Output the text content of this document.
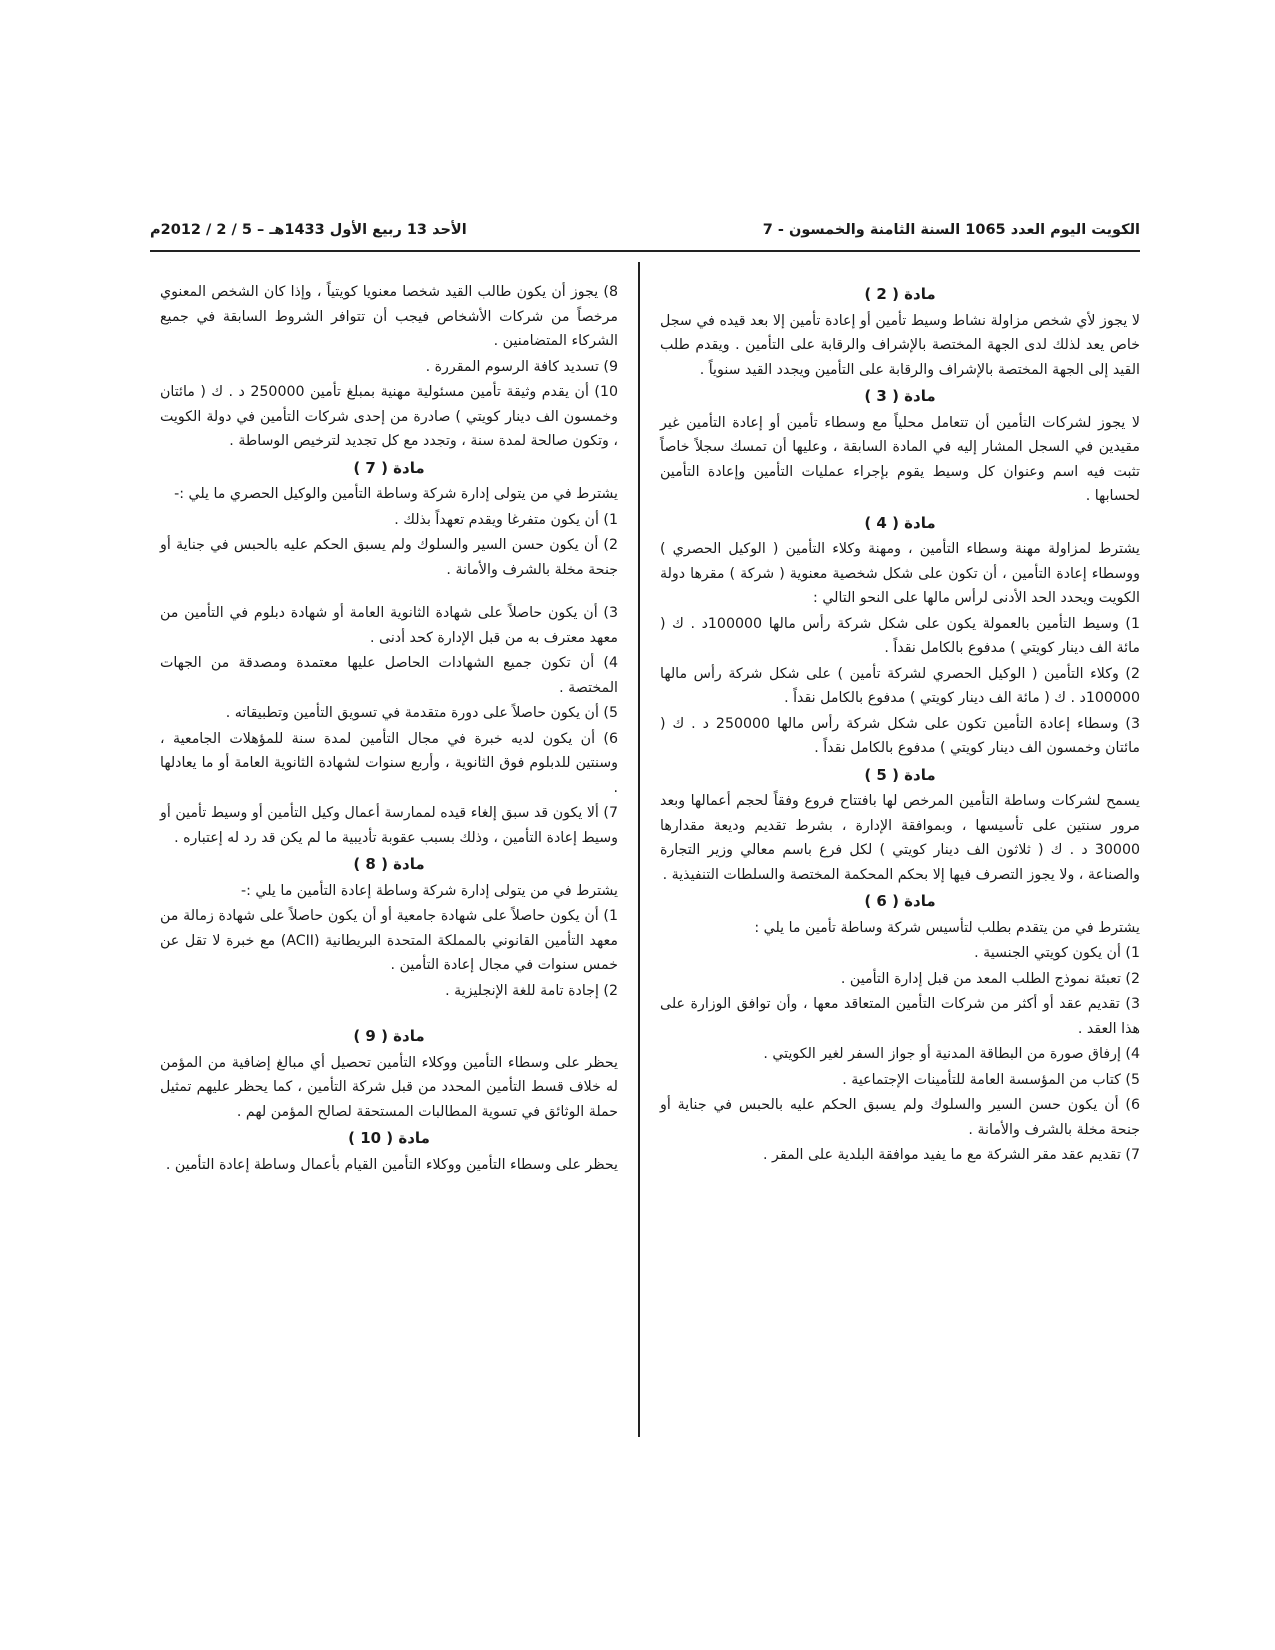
الكويت اليوم العدد 1065 السنة الثامنة والخمسون - 7
الأحد 13 ربيع الأول 1433هـ – 5 / 2 / 2012م
مادة ( 2 )

لا يجوز لأي شخص مزاولة نشاط وسيط تأمين أو إعادة تأمين إلا بعد قيده في سجل خاص يعد لذلك لدى الجهة المختصة بالإشراف والرقابة على التأمين . ويقدم طلب القيد إلى الجهة المختصة بالإشراف والرقابة على التأمين ويجدد القيد سنوياً .

مادة ( 3 )

لا يجوز لشركات التأمين أن تتعامل محلياً مع وسطاء تأمين أو إعادة التأمين غير مقيدين في السجل المشار إليه في المادة السابقة ، وعليها أن تمسك سجلاً خاصاً تثبت فيه اسم وعنوان كل وسيط يقوم بإجراء عمليات التأمين وإعادة التأمين لحسابها .

مادة ( 4 )

يشترط لمزاولة مهنة وسطاء التأمين ، ومهنة وكلاء التأمين ( الوكيل الحصري ) ووسطاء إعادة التأمين ، أن تكون على شكل شخصية معنوية ( شركة ) مقرها دولة الكويت ويحدد الحد الأدنى لرأس مالها على النحو التالي :

1) وسيط التأمين بالعمولة يكون على شكل شركة رأس مالها 100000د . ك ( مائة الف دينار كويتي ) مدفوع بالكامل نقداً .

2) وكلاء التأمين ( الوكيل الحصري لشركة تأمين ) على شكل شركة رأس مالها 100000د . ك ( مائة الف دينار كويتي ) مدفوع بالكامل نقداً .

3) وسطاء إعادة التأمين تكون على شكل شركة رأس مالها 250000 د . ك ( مائتان وخمسون الف دينار كويتي ) مدفوع بالكامل نقداً .

مادة ( 5 )

يسمح لشركات وساطة التأمين المرخص لها بافتتاح فروع وفقاً لحجم أعمالها وبعد مرور سنتين على تأسيسها ، وبموافقة الإدارة ، بشرط تقديم وديعة مقدارها 30000 د . ك ( ثلاثون الف دينار كويتي ) لكل فرع باسم معالي وزير التجارة والصناعة ، ولا يجوز التصرف فيها إلا بحكم المحكمة المختصة والسلطات التنفيذية .

مادة ( 6 )

يشترط في من يتقدم بطلب لتأسيس شركة وساطة تأمين ما يلي :

1) أن يكون كويتي الجنسية .

2) تعبئة نموذج الطلب المعد من قبل إدارة التأمين .

3) تقديم عقد أو أكثر من شركات التأمين المتعاقد معها ، وأن توافق الوزارة على هذا العقد .

4) إرفاق صورة من البطاقة المدنية أو جواز السفر لغير الكويتي .

5) كتاب من المؤسسة العامة للتأمينات الإجتماعية .

6) أن يكون حسن السير والسلوك ولم يسبق الحكم عليه بالحبس في جناية أو جنحة مخلة بالشرف والأمانة .

7) تقديم عقد مقر الشركة مع ما يفيد موافقة البلدية على المقر .

8) يجوز أن يكون طالب القيد شخصا معنويا كويتياً ، وإذا كان الشخص المعنوي مرخصاً من شركات الأشخاص فيجب أن تتوافر الشروط السابقة في جميع الشركاء المتضامنين .

9) تسديد كافة الرسوم المقررة .

10) أن يقدم وثيقة تأمين مسئولية مهنية بمبلغ تأمين 250000 د . ك ( مائتان وخمسون الف دينار كويتي ) صادرة من إحدى شركات التأمين في دولة الكويت ، وتكون صالحة لمدة سنة ، وتجدد مع كل تجديد لترخيص الوساطة .

مادة ( 7 )

يشترط في من يتولى إدارة شركة وساطة التأمين والوكيل الحصري ما يلي :-

1) أن يكون متفرغا ويقدم تعهداً بذلك .

2) أن يكون حسن السير والسلوك ولم يسبق الحكم عليه بالحبس في جناية أو جنحة مخلة بالشرف والأمانة .

3) أن يكون حاصلاً على شهادة الثانوية العامة أو شهادة دبلوم في التأمين من معهد معترف به من قبل الإدارة كحد أدنى .

4) أن تكون جميع الشهادات الحاصل عليها معتمدة ومصدقة من الجهات المختصة .

5) أن يكون حاصلاً على دورة متقدمة في تسويق التأمين وتطبيقاته .

6) أن يكون لديه خبرة في مجال التأمين لمدة سنة للمؤهلات الجامعية ، وسنتين للدبلوم فوق الثانوية ، وأربع سنوات لشهادة الثانوية العامة أو ما يعادلها .

7) ألا يكون قد سبق إلغاء قيده لممارسة أعمال وكيل التأمين أو وسيط تأمين أو وسيط إعادة التأمين ، وذلك بسبب عقوبة تأديبية ما لم يكن قد رد له إعتباره .

مادة ( 8 )

يشترط في من يتولى إدارة شركة وساطة إعادة التأمين ما يلي :-

1) أن يكون حاصلاً على شهادة جامعية أو أن يكون حاصلاً على شهادة زمالة من معهد التأمين القانوني بالمملكة المتحدة البريطانية (ACII) مع خبرة لا تقل عن خمس سنوات في مجال إعادة التأمين .

2) إجادة تامة للغة الإنجليزية .

مادة ( 9 )

يحظر على وسطاء التأمين ووكلاء التأمين تحصيل أي مبالغ إضافية من المؤمن له خلاف قسط التأمين المحدد من قبل شركة التأمين ، كما يحظر عليهم تمثيل حملة الوثائق في تسوية المطالبات المستحقة لصالح المؤمن لهم .

مادة ( 10 )

يحظر على وسطاء التأمين ووكلاء التأمين القيام بأعمال وساطة إعادة التأمين .
